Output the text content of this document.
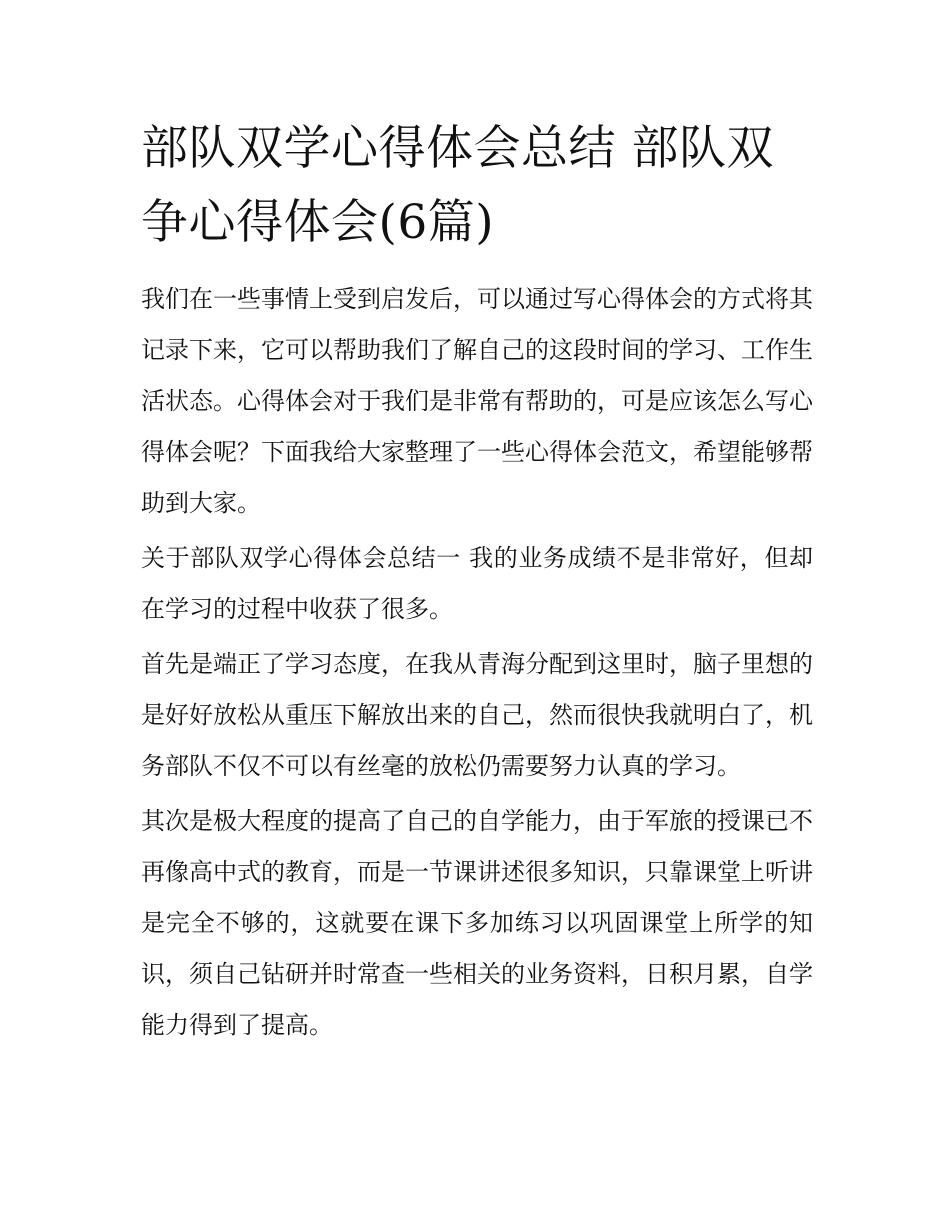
部队双学心得体会总结 部队双争心得体会(6篇)

我们在一些事情上受到启发后，可以通过写心得体会的方式将其记录下来，它可以帮助我们了解自己的这段时间的学习、工作生活状态。心得体会对于我们是非常有帮助的，可是应该怎么写心得体会呢？下面我给大家整理了一些心得体会范文，希望能够帮助到大家。

关于部队双学心得体会总结一 我的业务成绩不是非常好，但却在学习的过程中收获了很多。

首先是端正了学习态度，在我从青海分配到这里时，脑子里想的是好好放松从重压下解放出来的自己，然而很快我就明白了，机务部队不仅不可以有丝毫的放松仍需要努力认真的学习。

其次是极大程度的提高了自己的自学能力，由于军旅的授课已不再像高中式的教育，而是一节课讲述很多知识，只靠课堂上听讲是完全不够的，这就要在课下多加练习以巩固课堂上所学的知识，须自己钻研并时常查一些相关的业务资料，日积月累，自学能力得到了提高。
